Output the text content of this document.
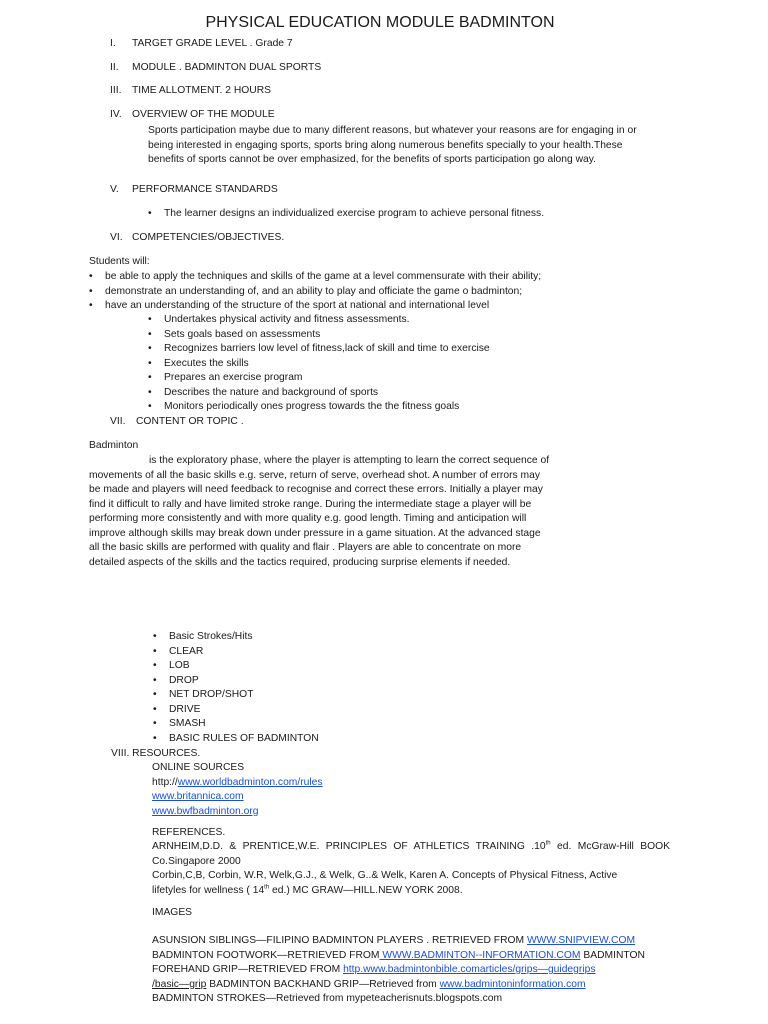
PHYSICAL EDUCATION MODULE BADMINTON
I. TARGET GRADE LEVEL . Grade 7
II. MODULE . BADMINTON DUAL SPORTS
III. TIME ALLOTMENT. 2 HOURS
IV. OVERVIEW OF THE MODULE
Sports participation maybe due to many different reasons, but whatever your reasons are for engaging in or
being interested in engaging sports, sports bring along numerous benefits specially to your health.These
benefits of sports cannot be over emphasized, for the benefits of sports participation go along way.
V. PERFORMANCE STANDARDS
• The learner designs an individualized exercise program to achieve personal fitness.
VI. COMPETENCIES/OBJECTIVES.
Students will:
• be able to apply the techniques and skills of the game at a level commensurate with their ability;
• demonstrate an understanding of, and an ability to play and officiate the game o badminton;
• have an understanding of the structure of the sport at national and international level
• Undertakes physical activity and fitness assessments.
• Sets goals based on assessments
• Recognizes barriers low level of fitness,lack of skill and time to exercise
• Executes the skills
• Prepares an exercise program
• Describes the nature and background of sports
• Monitors periodically ones progress towards the the fitness goals
VII. CONTENT OR TOPIC .
Badminton
is the exploratory phase, where the player is attempting to learn the correct sequence of
movements of all the basic skills e.g. serve, return of serve, overhead shot. A number of errors may
be made and players will need feedback to recognise and correct these errors. Initially a player may
find it difficult to rally and have limited stroke range. During the intermediate stage a player will be
performing more consistently and with more quality e.g. good length. Timing and anticipation will
improve although skills may break down under pressure in a game situation. At the advanced stage
all the basic skills are performed with quality and flair . Players are able to concentrate on more
detailed aspects of the skills and the tactics required, producing surprise elements if needed.
• Basic Strokes/Hits
• CLEAR
• LOB
• DROP
• NET DROP/SHOT
• DRIVE
• SMASH
• BASIC RULES OF BADMINTON
VIII. RESOURCES.
ONLINE SOURCES
http://www.worldbadminton.com/rules
www.britannica.com
www.bwfbadminton.org
REFERENCES.
ARNHEIM,D.D. & PRENTICE,W.E. PRINCIPLES OF ATHLETICS TRAINING .10th ed. McGraw-Hill BOOK
Co.Singapore 2000
Corbin,C,B, Corbin, W.R, Welk,G.J., & Welk, G..& Welk, Karen A. Concepts of Physical Fitness, Active
lifetyles for wellness ( 14th ed.) MC GRAW—HILL.NEW YORK 2008.
IMAGES
ASUNSION SIBLINGS—FILIPINO BADMINTON PLAYERS . RETRIEVED FROM WWW.SNIPVIEW.COM
BADMINTON FOOTWORK—RETRIEVED FROM WWW.BADMINTON--INFORMATION.COM BADMINTON
FOREHAND GRIP—RETRIEVED FROM http.www.badmintonbible.comarticles/grips—guidegrips
/basic—grip BADMINTON BACKHAND GRIP—Retrieved from www.badmintoninformation.com
BADMINTON STROKES—Retrieved from mypeteacherisnuts.blogspots.com
